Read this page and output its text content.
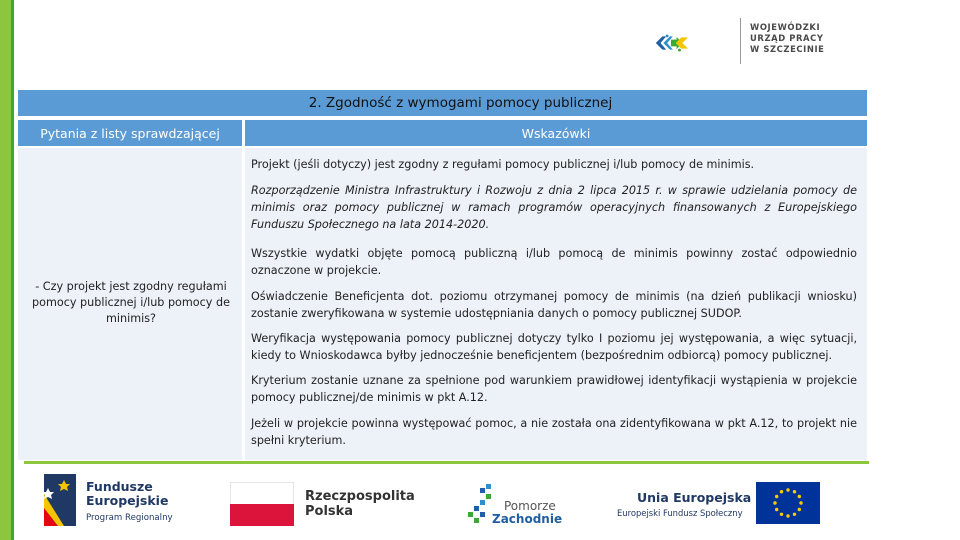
WOJEWÓDZKI
URZĄD PRACY
W SZCZECINIE
2. Zgodność z wymogami pomocy publicznej
Pytania z listy sprawdzającej	Wskazówki
- Czy projekt jest zgodny regułami pomocy publicznej i/lub pomocy de minimis?
Projekt (jeśli dotyczy) jest zgodny z regułami pomocy publicznej i/lub pomocy de minimis.
Rozporządzenie Ministra Infrastruktury i Rozwoju z dnia 2 lipca 2015 r. w sprawie udzielania pomocy de minimis oraz pomocy publicznej w ramach programów operacyjnych finansowanych z Europejskiego Funduszu Społecznego na lata 2014-2020.
Wszystkie wydatki objęte pomocą publiczną i/lub pomocą de minimis powinny zostać odpowiednio oznaczone w projekcie.
Oświadczenie Beneficjenta dot. poziomu otrzymanej pomocy de minimis (na dzień publikacji wniosku) zostanie zweryfikowana w systemie udostępniania danych o pomocy publicznej SUDOP.
Weryfikacja występowania pomocy publicznej dotyczy tylko I poziomu jej występowania, a więc sytuacji, kiedy to Wnioskodawca byłby jednocześnie beneficjentem (bezpośrednim odbiorcą) pomocy publicznej.
Kryterium zostanie uznane za spełnione pod warunkiem prawidłowej identyfikacji wystąpienia w projekcie pomocy publicznej/de minimis w pkt A.12.
Jeżeli w projekcie powinna występować pomoc, a nie została ona zidentyfikowana w pkt A.12, to projekt nie spełni kryterium.
Fundusze
Europejskie
Program Regionalny
Rzeczpospolita
Polska	Pomorze
Zachodnie
Unia Europejska
Europejski Fundusz Społeczny
